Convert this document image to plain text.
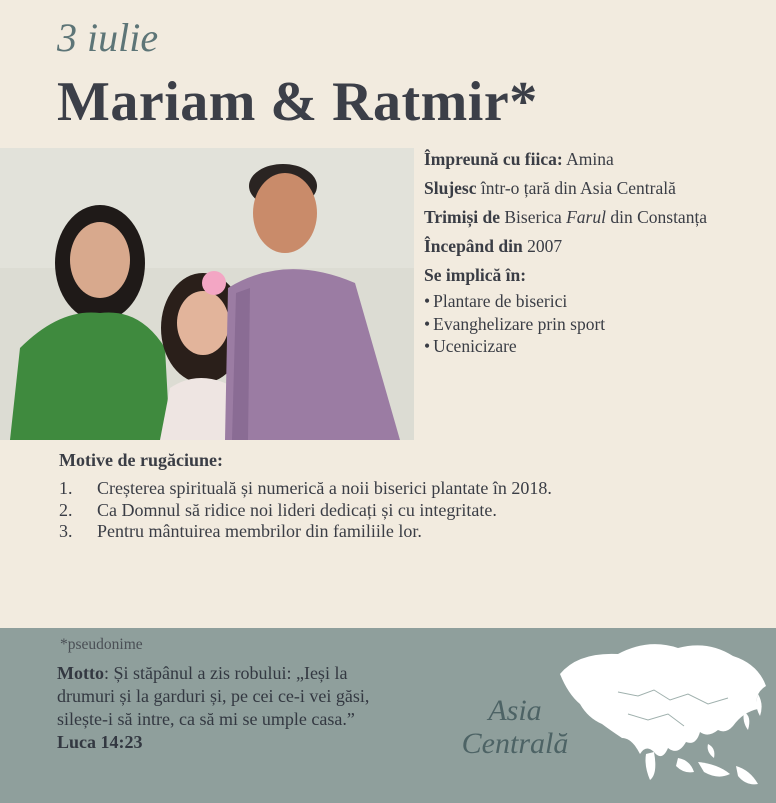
3 iulie
Mariam & Ratmir*

Împreună cu fiica: Amina

Slujesc într-o țară din Asia Centrală

Trimiși de Biserica Farul din Constanța

Începând din 2007

Se implică în:

• Plantare de biserici
• Evanghelizare prin sport
• Ucenicizare
Motive de rugăciune:
1.	Creșterea spirituală și numerică a noii biserici plantate în 2018.
2.	Ca Domnul să ridice noi lideri dedicați și cu integritate.
3.	Pentru mântuirea membrilor din familiile lor.
*pseudonime
Motto: Și stăpânul a zis robului: „Ieși la drumuri și la garduri și, pe cei ce-i vei găsi, silește-i să intre, ca să mi se umple casa.” Luca 14:23
Asia
Centrală
